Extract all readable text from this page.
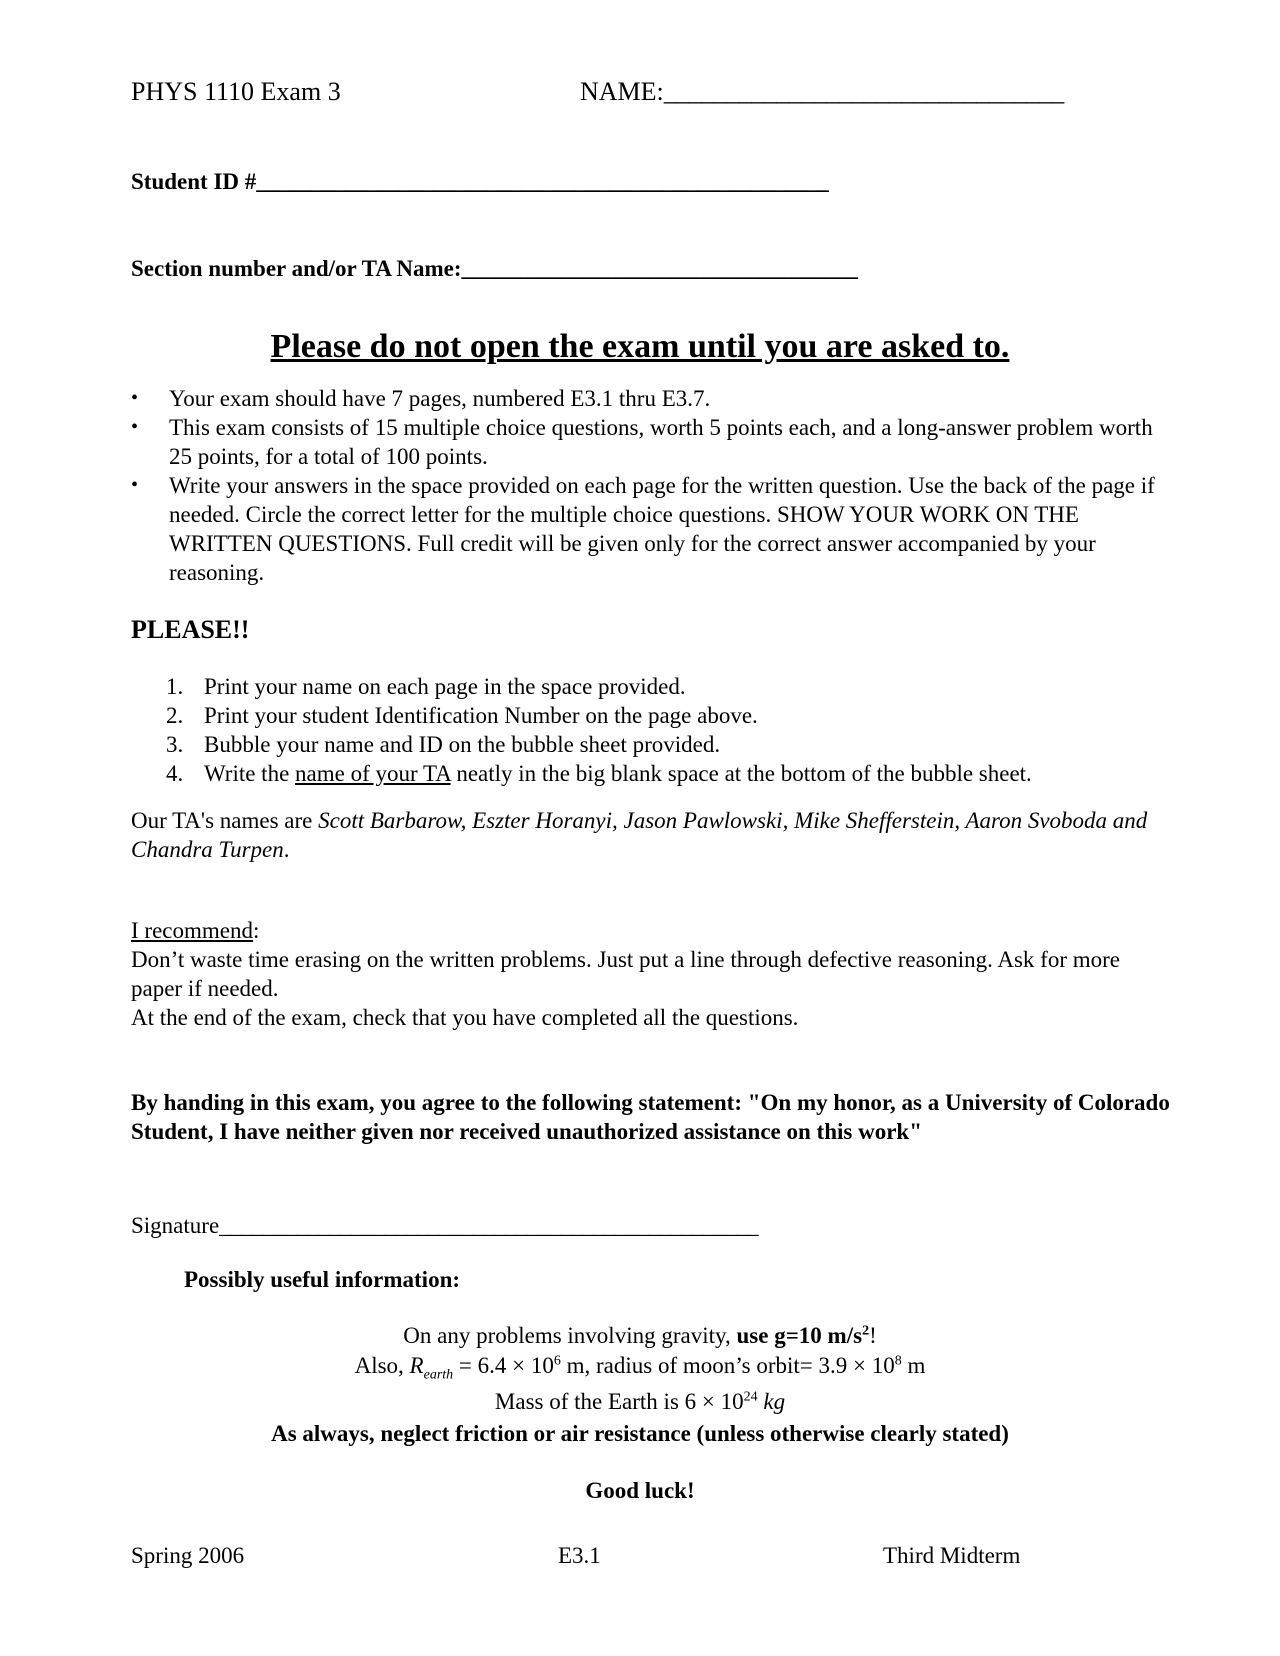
PHYS 1110 Exam 3	NAME:________________________________
Student ID #____________________________________________________
Section number and/or TA Name:____________________________________
Please do not open the exam until you are asked to.
• Your exam should have 7 pages, numbered E3.1 thru E3.7.
• This exam consists of 15 multiple choice questions, worth 5 points each, and a long-answer problem worth 25 points, for a total of 100 points.
• Write your answers in the space provided on each page for the written question. Use the back of the page if needed. Circle the correct letter for the multiple choice questions. SHOW YOUR WORK ON THE WRITTEN QUESTIONS. Full credit will be given only for the correct answer accompanied by your reasoning.
PLEASE!!
1. Print your name on each page in the space provided.
2. Print your student Identification Number on the page above.
3. Bubble your name and ID on the bubble sheet provided.
4. Write the name of your TA neatly in the big blank space at the bottom of the bubble sheet.
Our TA's names are Scott Barbarow, Eszter Horanyi, Jason Pawlowski, Mike Shefferstein, Aaron Svoboda and Chandra Turpen.
I recommend:
Don’t waste time erasing on the written problems. Just put a line through defective reasoning. Ask for more paper if needed.
At the end of the exam, check that you have completed all the questions.
By handing in this exam, you agree to the following statement: "On my honor, as a University of Colorado Student, I have neither given nor received unauthorized assistance on this work"
Signature_________________________________________________
Possibly useful information:
On any problems involving gravity, use g=10 $m/s^2$!
Also, $R_{earth} = 6.4 \times 10^6$ m, radius of moon’s orbit= $3.9 \times 10^8$ m
Mass of the Earth is $6 \times 10^{24}$ kg
As always, neglect friction or air resistance (unless otherwise clearly stated)
Good luck!
Spring 2006	E3.1	Third Midterm
